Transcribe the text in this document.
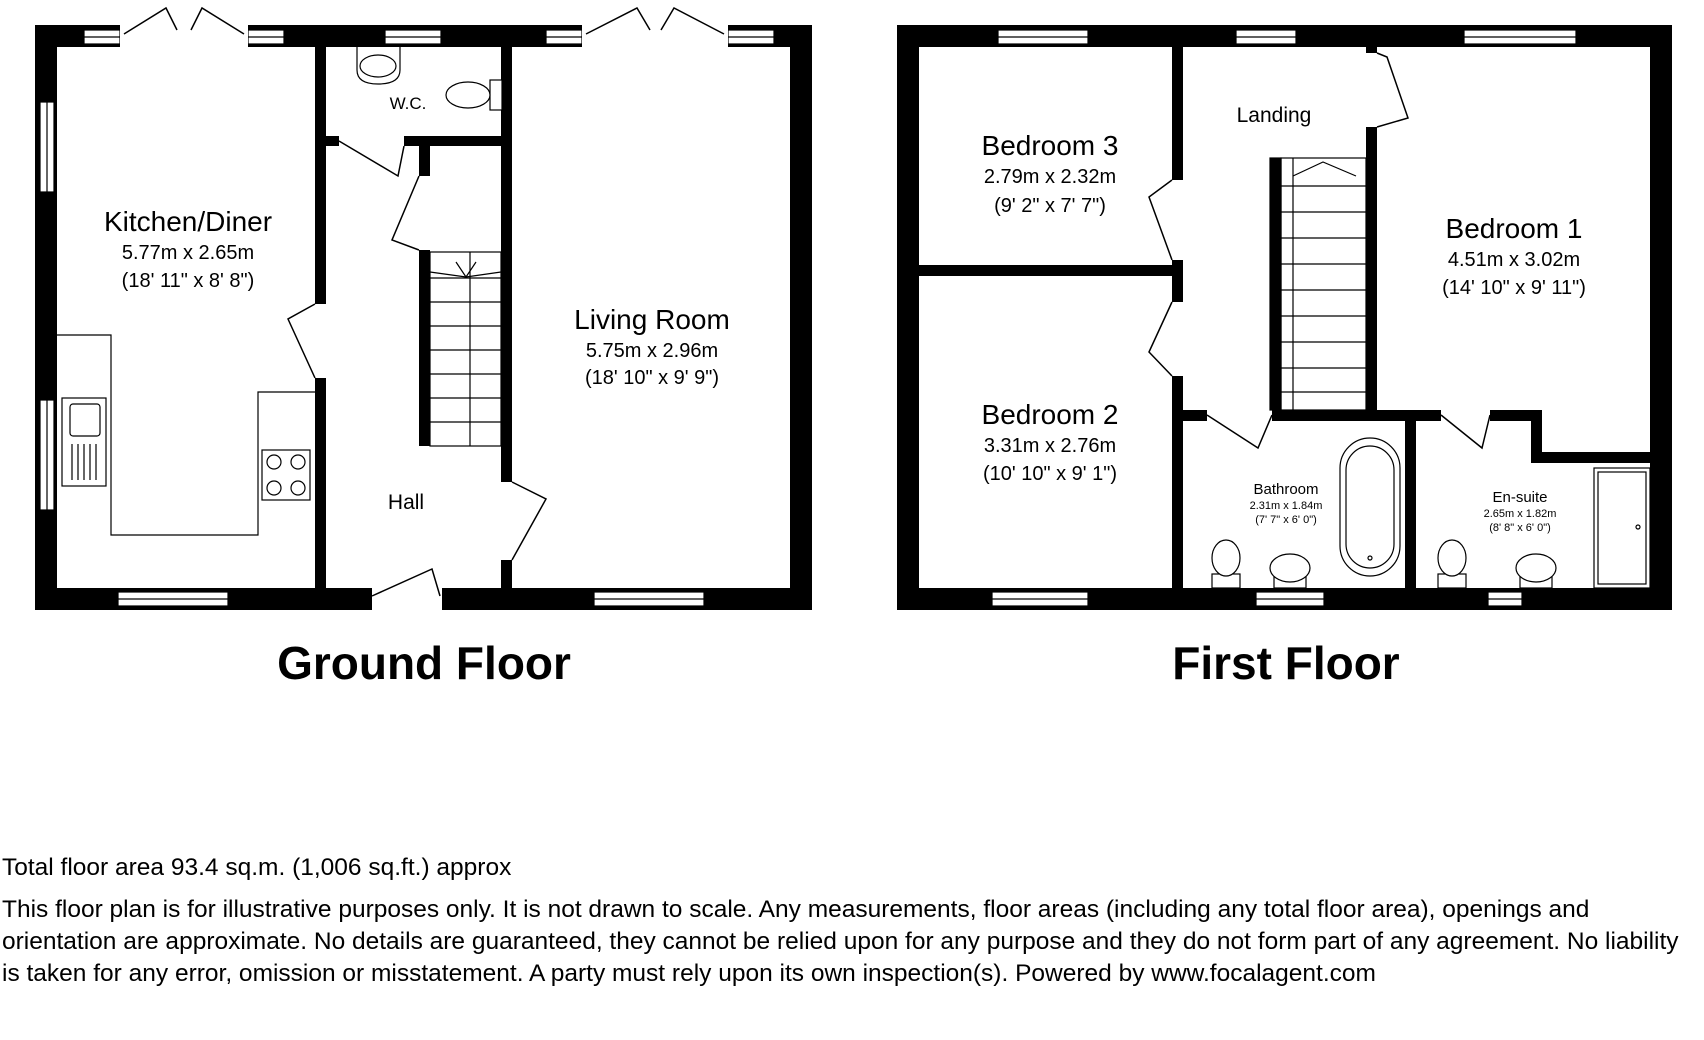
Kitchen/Diner
5.77m x 2.65m
(18' 11" x 8' 8")
Living Room
5.75m x 2.96m
(18' 10" x 9' 9")
W.C.
Hall
Ground Floor
Bedroom 3
2.79m x 2.32m
(9' 2" x 7' 7")
Bedroom 2
3.31m x 2.76m
(10' 10" x 9' 1")
Bedroom 1
4.51m x 3.02m
(14' 10" x 9' 11")
Landing
Bathroom
2.31m x 1.84m
(7' 7" x 6' 0")
En-suite
2.65m x 1.82m
(8' 8" x 6' 0")
First Floor

Total floor area 93.4 sq.m. (1,006 sq.ft.) approx

This floor plan is for illustrative purposes only. It is not drawn to scale. Any measurements, floor areas (including any total floor area), openings and orientation are approximate. No details are guaranteed, they cannot be relied upon for any purpose and they do not form part of any agreement. No liability is taken for any error, omission or misstatement. A party must rely upon its own inspection(s). Powered by www.focalagent.com
